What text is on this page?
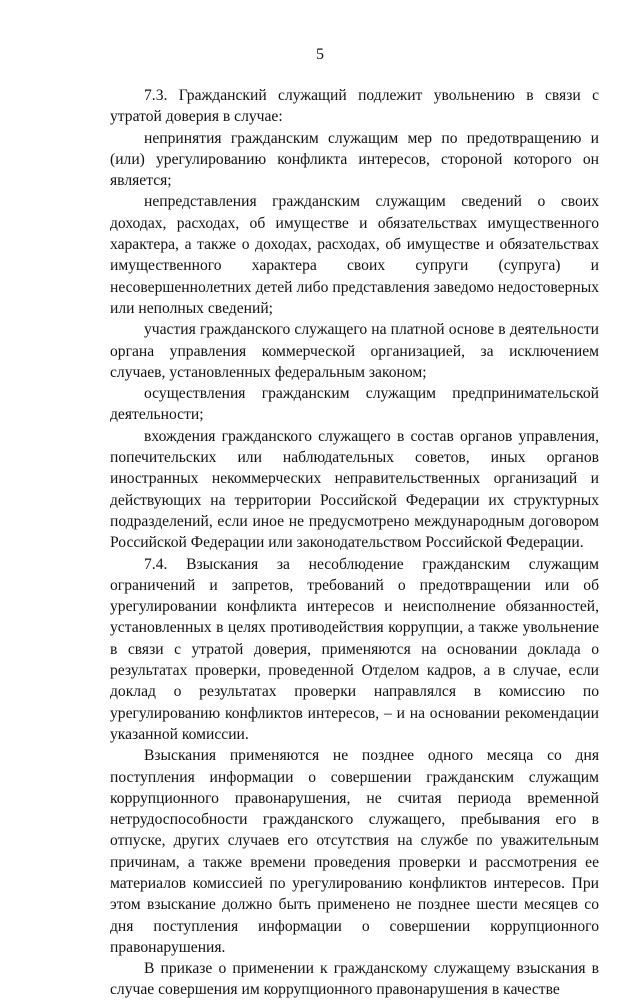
5

7.3. Гражданский служащий подлежит увольнению в связи с утратой доверия в случае:

непринятия гражданским служащим мер по предотвращению и (или) урегулированию конфликта интересов, стороной которого он является;

непредставления гражданским служащим сведений о своих доходах, расходах, об имуществе и обязательствах имущественного характера, а также о доходах, расходах, об имуществе и обязательствах имущественного характера своих супруги (супруга) и несовершеннолетних детей либо представления заведомо недостоверных или неполных сведений;

участия гражданского служащего на платной основе в деятельности органа управления коммерческой организацией, за исключением случаев, установленных федеральным законом;

осуществления гражданским служащим предпринимательской деятельности;

вхождения гражданского служащего в состав органов управления, попечительских или наблюдательных советов, иных органов иностранных некоммерческих неправительственных организаций и действующих на территории Российской Федерации их структурных подразделений, если иное не предусмотрено международным договором Российской Федерации или законодательством Российской Федерации.

7.4. Взыскания за несоблюдение гражданским служащим ограничений и запретов, требований о предотвращении или об урегулировании конфликта интересов и неисполнение обязанностей, установленных в целях противодействия коррупции, а также увольнение в связи с утратой доверия, применяются на основании доклада о результатах проверки, проведенной Отделом кадров, а в случае, если доклад о результатах проверки направлялся в комиссию по урегулированию конфликтов интересов, – и на основании рекомендации указанной комиссии.

Взыскания применяются не позднее одного месяца со дня поступления информации о совершении гражданским служащим коррупционного правонарушения, не считая периода временной нетрудоспособности гражданского служащего, пребывания его в отпуске, других случаев его отсутствия на службе по уважительным причинам, а также времени проведения проверки и рассмотрения ее материалов комиссией по урегулированию конфликтов интересов. При этом взыскание должно быть применено не позднее шести месяцев со дня поступления информации о совершении коррупционного правонарушения.

В приказе о применении к гражданскому служащему взыскания в случае совершения им коррупционного правонарушения в качестве
